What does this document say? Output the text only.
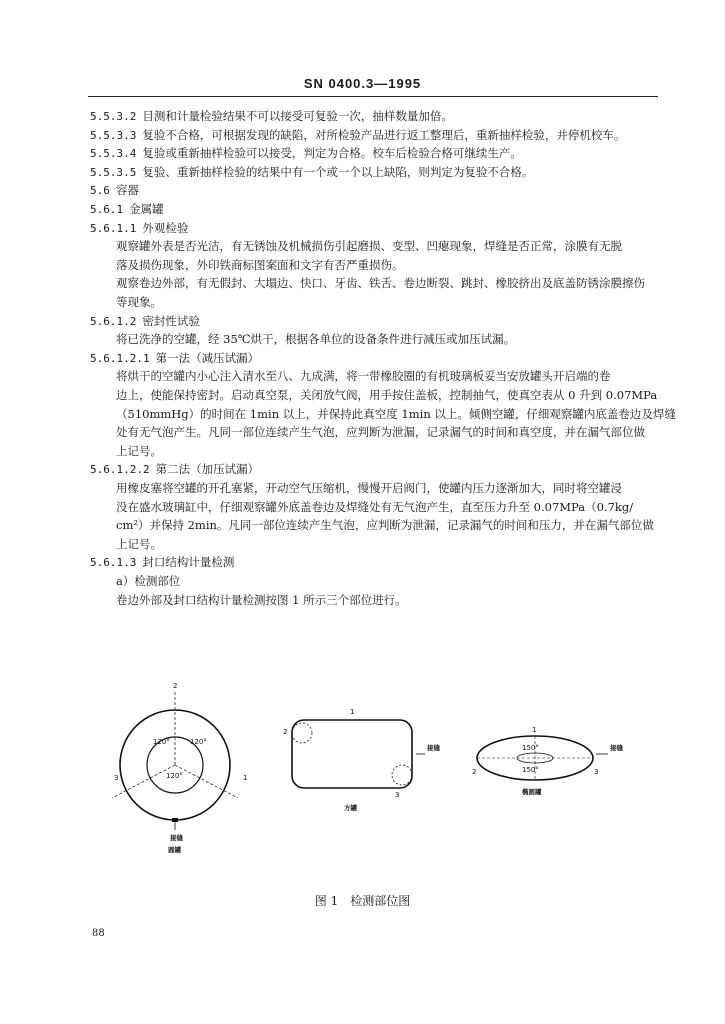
SN 0400.3—1995
5.5.3.2 目测和计量检验结果不可以接受可复验一次，抽样数量加倍。
5.5.3.3 复验不合格，可根据发现的缺陷，对所检验产品进行返工整理后，重新抽样检验，并停机校车。
5.5.3.4 复验或重新抽样检验可以接受，判定为合格。校车后检验合格可继续生产。
5.5.3.5 复验、重新抽样检验的结果中有一个或一个以上缺陷，则判定为复验不合格。
5.6 容器
5.6.1 金属罐
5.6.1.1 外观检验
观察罐外表是否光洁，有无锈蚀及机械损伤引起磨损、变型、凹瘪现象，焊缝是否正常，涂膜有无脱
落及损伤现象，外印铁商标图案面和文字有否严重损伤。
观察卷边外部，有无假封、大塌边、快口、牙齿、铁舌、卷边断裂、跳封、橡胶挤出及底盖防锈涂膜擦伤
等现象。
5.6.1.2 密封性试验
将已洗净的空罐，经 35℃烘干，根据各单位的设备条件进行减压或加压试漏。
5.6.1.2.1 第一法（减压试漏）
将烘干的空罐内小心注入清水至八、九成满，将一带橡胶圈的有机玻璃板妥当安放罐头开启端的卷
边上，使能保持密封。启动真空泵，关闭放气阀，用手按住盖板，控制抽气，使真空表从 0 升到 0.07MPa
（510mmHg）的时间在 1min 以上，并保持此真空度 1min 以上。倾侧空罐，仔细观察罐内底盖卷边及焊缝
处有无气泡产生。凡同一部位连续产生气泡，应判断为泄漏，记录漏气的时间和真空度，并在漏气部位做
上记号。
5.6.1.2.2 第二法（加压试漏）
用橡皮塞将空罐的开孔塞紧，开动空气压缩机，慢慢开启阀门，使罐内压力逐渐加大，同时将空罐浸
没在盛水玻璃缸中，仔细观察罐外底盖卷边及焊缝处有无气泡产生，直至压力升至 0.07MPa（0.7kg/
cm²）并保持 2min。凡同一部位连续产生气泡，应判断为泄漏，记录漏气的时间和压力，并在漏气部位做
上记号。
5.6.1.3 封口结构计量检测
a）检测部位
卷边外部及封口结构计量检测按图 1 所示三个部位进行。
120°	120°
120°
2
1
3
接缝
圆罐
1
2
3
接缝
方罐
150°
150°
1
2	3
接缝
椭圆罐
图 1　检测部位图
88
